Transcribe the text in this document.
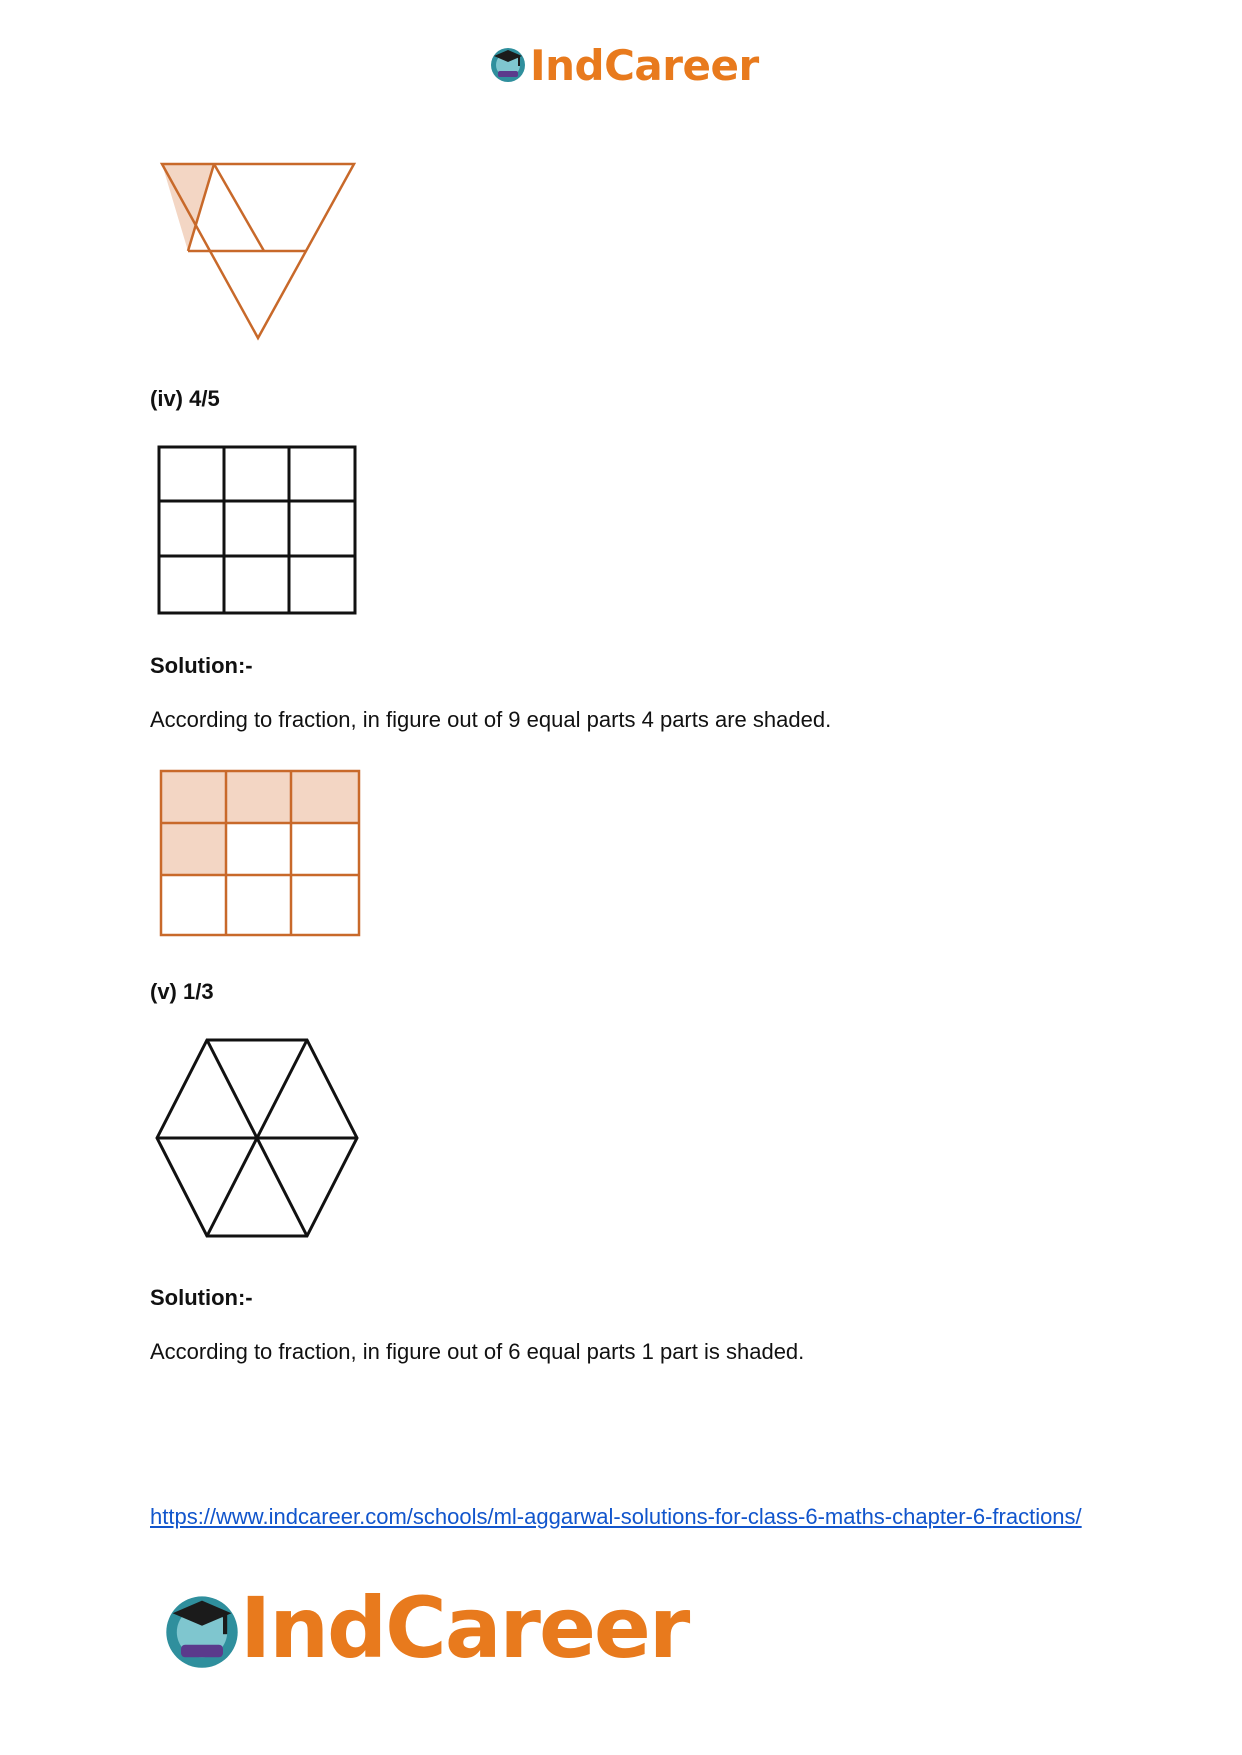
IndCareer
(iv) 4/5
Solution:-
According to fraction, in figure out of 9 equal parts 4 parts are shaded.
(v) 1/3
Solution:-
According to fraction, in figure out of 6 equal parts 1 part is shaded.
https://www.indcareer.com/schools/ml-aggarwal-solutions-for-class-6-maths-chapter-6-fractions/
IndCareer
